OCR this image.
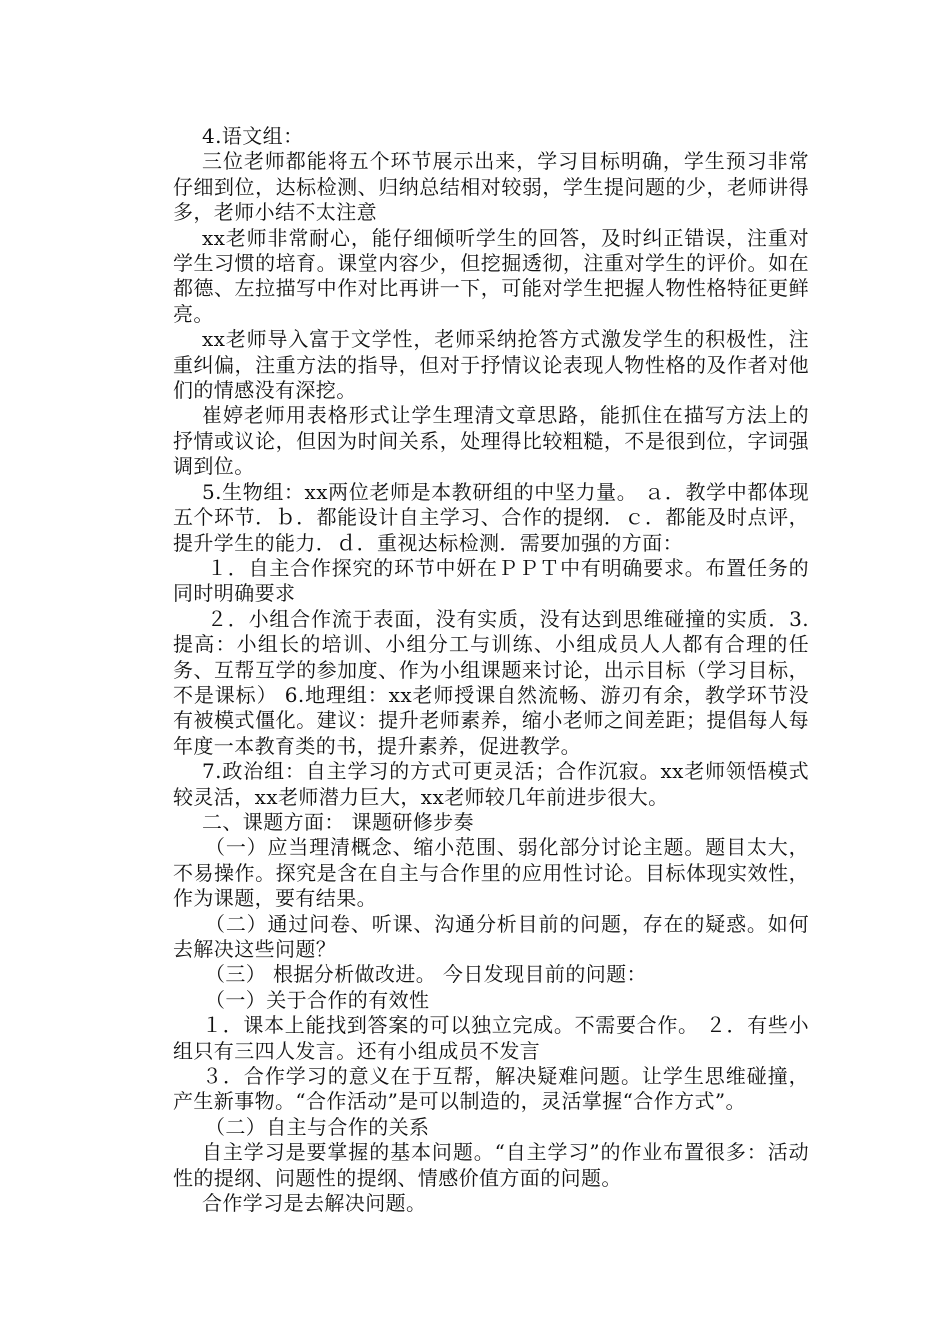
4.语文组：

三位老师都能将五个环节展示出来，学习目标明确，学生预习非常仔细到位，达标检测、归纳总结相对较弱，学生提问题的少，老师讲得多，老师小结不太注意

xx老师非常耐心，能仔细倾听学生的回答，及时纠正错误，注重对学生习惯的培育。课堂内容少，但挖掘透彻，注重对学生的评价。如在都德、左拉描写中作对比再讲一下，可能对学生把握人物性格特征更鲜亮。

xx老师导入富于文学性，老师采纳抢答方式激发学生的积极性，注重纠偏，注重方法的指导，但对于抒情议论表现人物性格的及作者对他们的情感没有深挖。

崔婷老师用表格形式让学生理清文章思路，能抓住在描写方法上的抒情或议论，但因为时间关系，处理得比较粗糙，不是很到位，字词强调到位。

5.生物组：xx两位老师是本教研组的中坚力量。 ａ．教学中都体现五个环节．ｂ．都能设计自主学习、合作的提纲．ｃ．都能及时点评，提升学生的能力．ｄ．重视达标检测．需要加强的方面：

１．自主合作探究的环节中妍在ＰＰＴ中有明确要求。布置任务的同时明确要求

２．小组合作流于表面，没有实质，没有达到思维碰撞的实质．3.提高：小组长的培训、小组分工与训练、小组成员人人都有合理的任务、互帮互学的参加度、作为小组课题来讨论，出示目标（学习目标，不是课标） 6.地理组：xx老师授课自然流畅、游刃有余，教学环节没有被模式僵化。建议：提升老师素养，缩小老师之间差距；提倡每人每年度一本教育类的书，提升素养，促进教学。

7.政治组：自主学习的方式可更灵活；合作沉寂。xx老师领悟模式较灵活，xx老师潜力巨大，xx老师较几年前进步很大。

二、课题方面： 课题研修步奏

（一）应当理清概念、缩小范围、弱化部分讨论主题。题目太大，不易操作。探究是含在自主与合作里的应用性讨论。目标体现实效性，作为课题，要有结果。

（二）通过问卷、听课、沟通分析目前的问题，存在的疑惑。如何去解决这些问题？

（三） 根据分析做改进。 今日发现目前的问题：

（一）关于合作的有效性

１．课本上能找到答案的可以独立完成。不需要合作。 ２．有些小组只有三四人发言。还有小组成员不发言

３．合作学习的意义在于互帮，解决疑难问题。让学生思维碰撞，产生新事物。“合作活动”是可以制造的，灵活掌握“合作方式”。

（二）自主与合作的关系

自主学习是要掌握的基本问题。“自主学习”的作业布置很多：活动性的提纲、问题性的提纲、情感价值方面的问题。

合作学习是去解决问题。
